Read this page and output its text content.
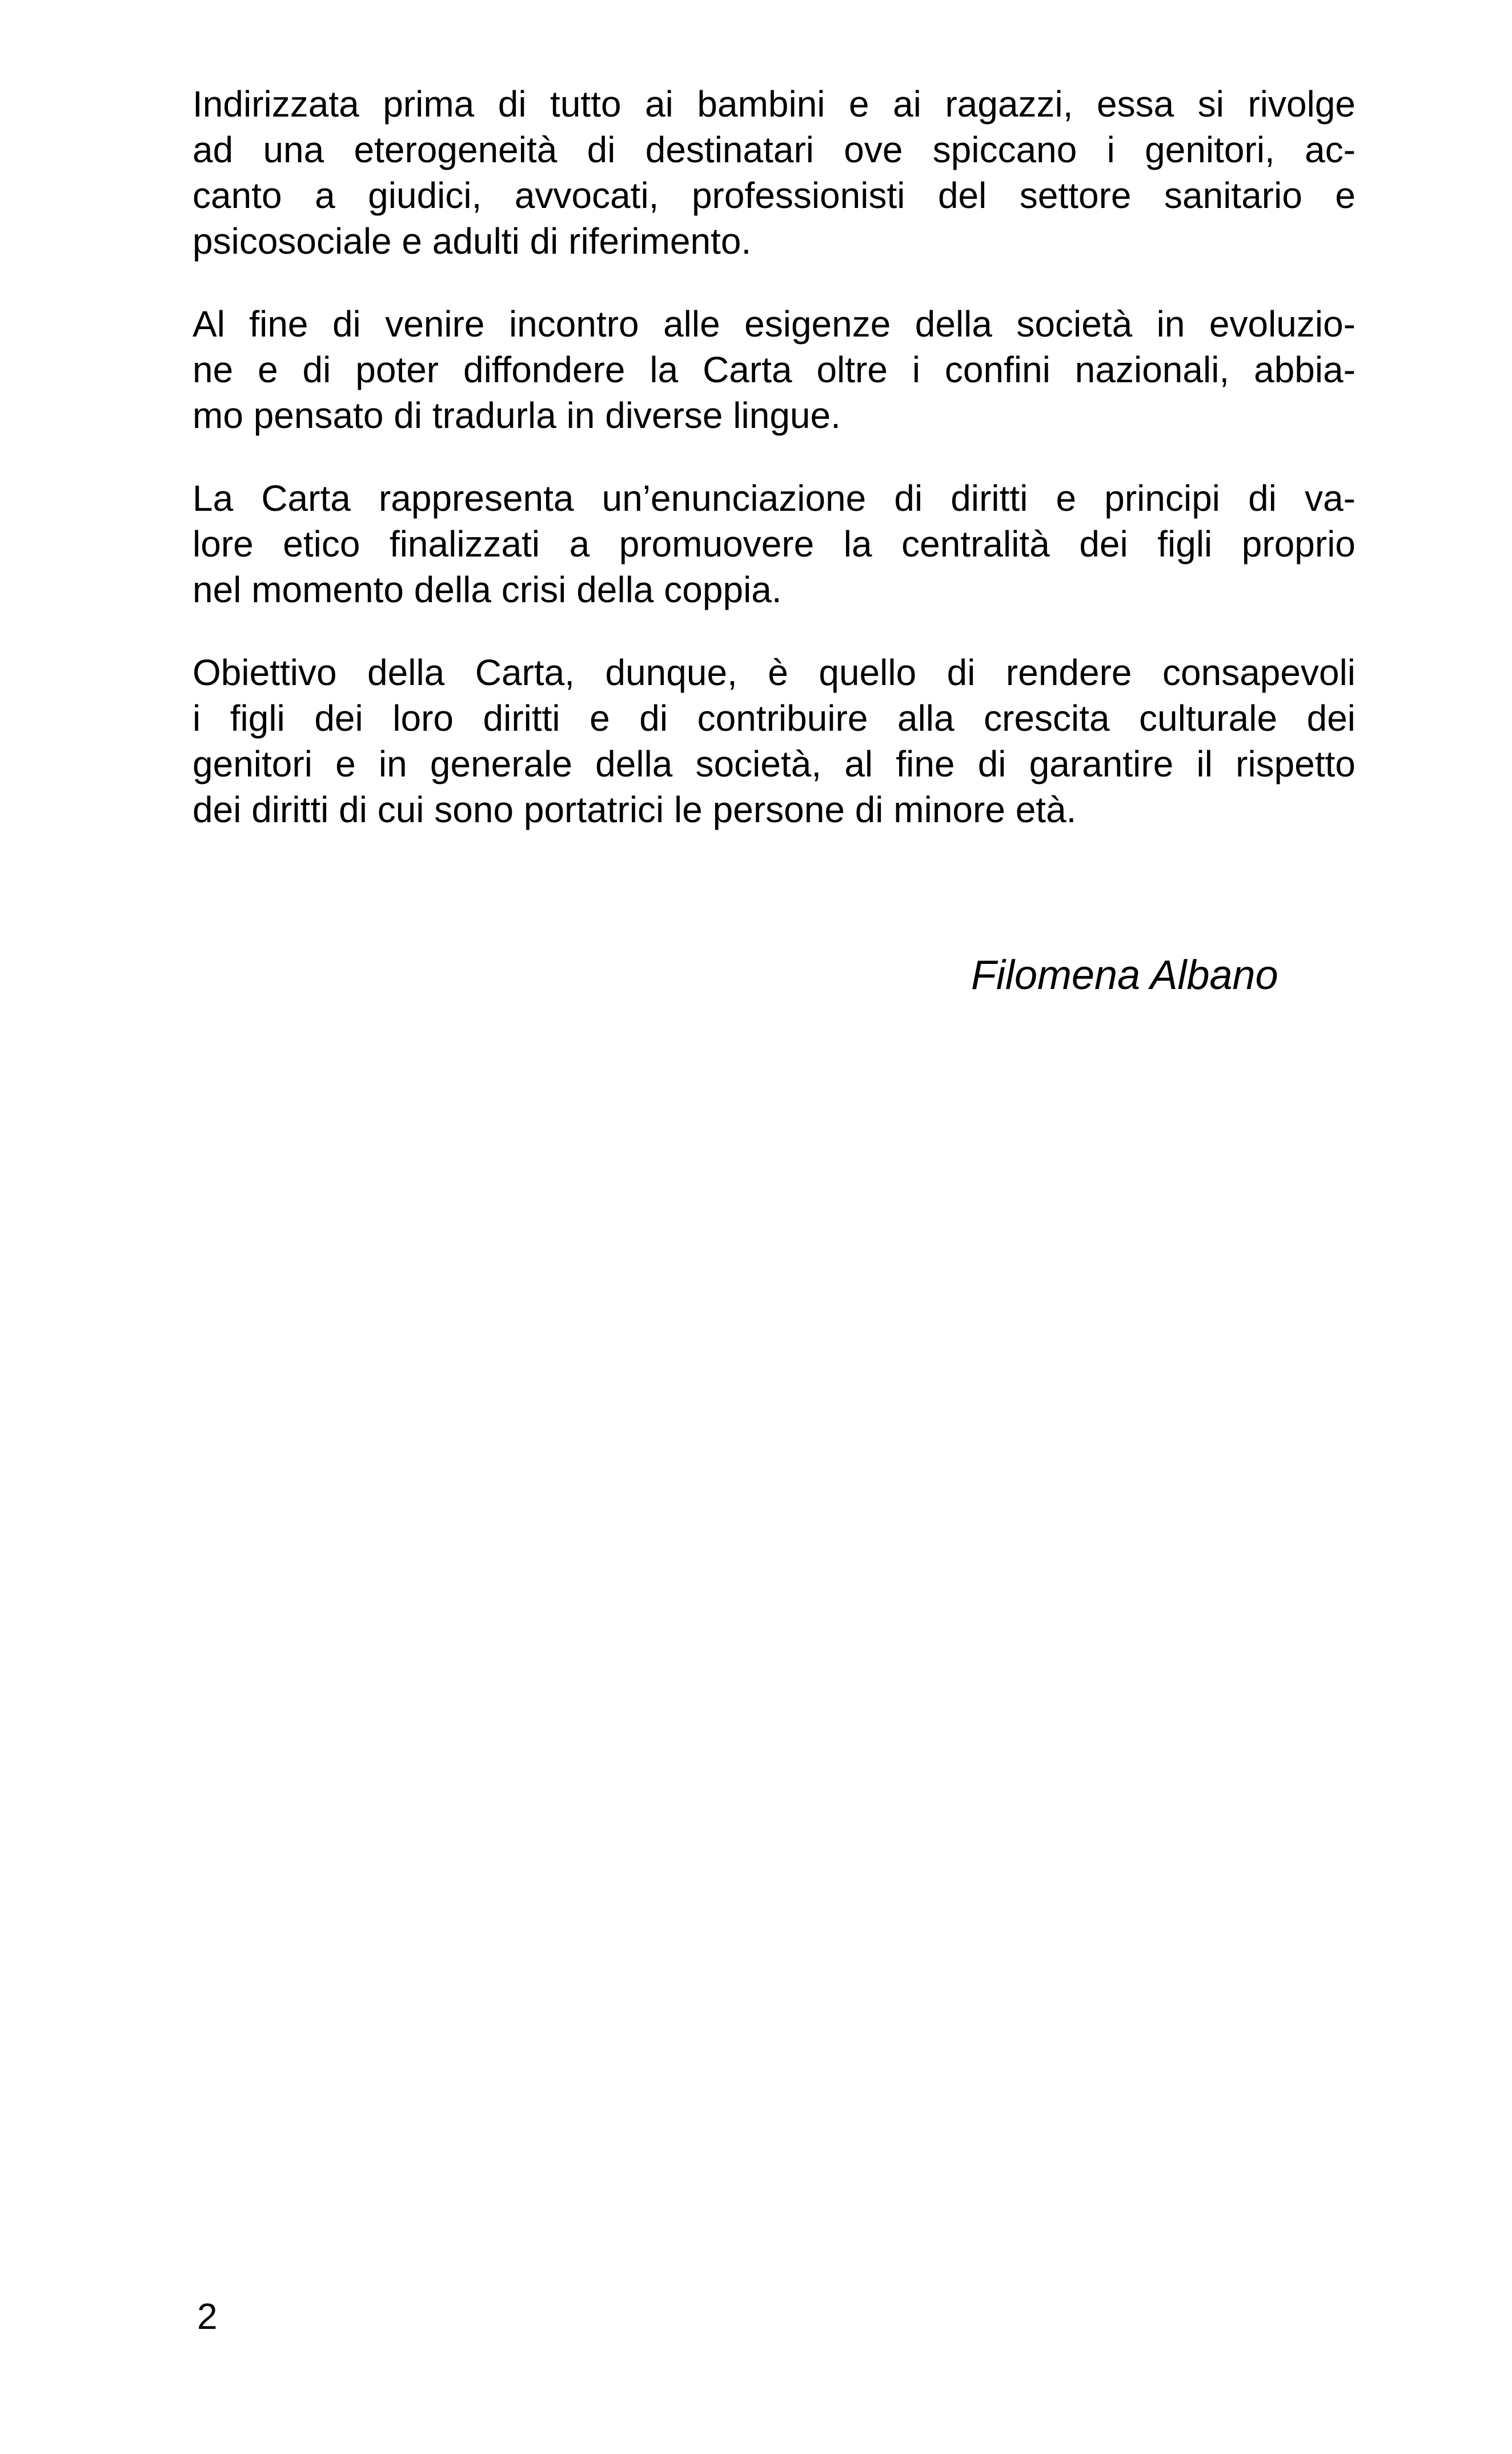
Indirizzata prima di tutto ai bambini e ai ragazzi, essa si rivolge
ad una eterogeneità di destinatari ove spiccano i genitori, ac-
canto a giudici, avvocati, professionisti del settore sanitario e
psicosociale e adulti di riferimento.
Al fine di venire incontro alle esigenze della società in evoluzio-
ne e di poter diffondere la Carta oltre i confini nazionali, abbia-
mo pensato di tradurla in diverse lingue.
La Carta rappresenta un’enunciazione di diritti e principi di va-
lore etico finalizzati a promuovere la centralità dei figli proprio
nel momento della crisi della coppia.
Obiettivo della Carta, dunque, è quello di rendere consapevoli
i figli dei loro diritti e di contribuire alla crescita culturale dei
genitori e in generale della società, al fine di garantire il rispetto
dei diritti di cui sono portatrici le persone di minore età.
Filomena Albano
2
